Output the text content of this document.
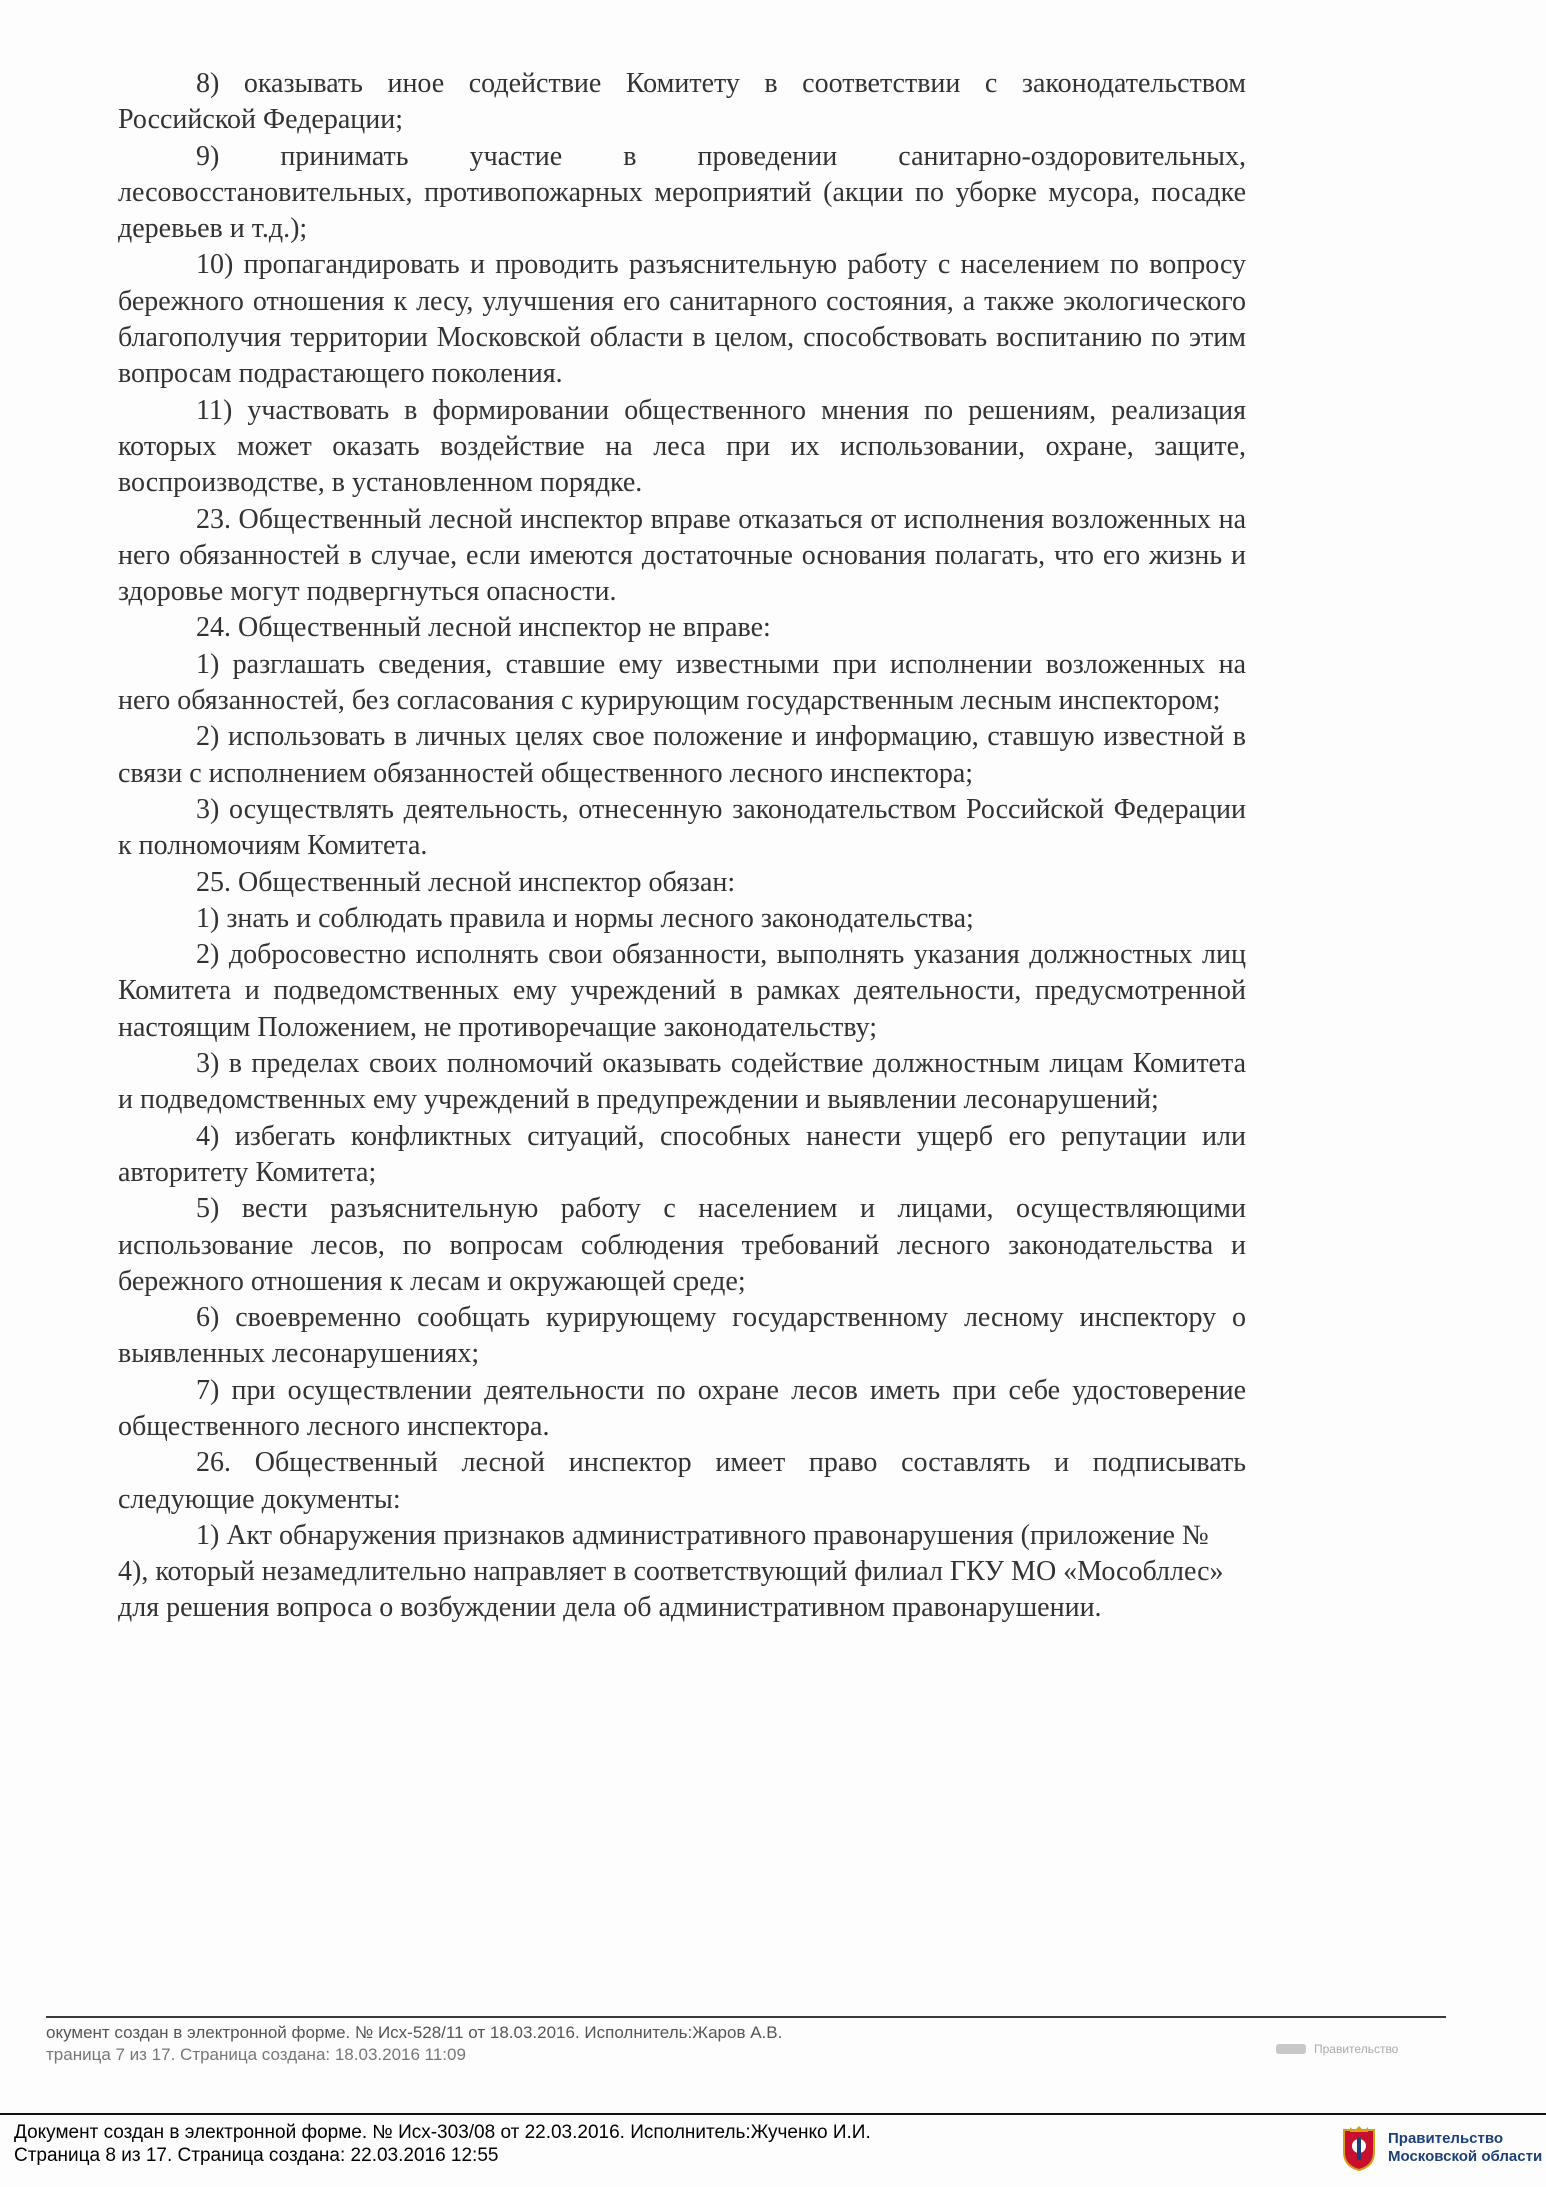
8) оказывать иное содействие Комитету в соответствии с законодательством Российской Федерации;

9) принимать участие в проведении санитарно-оздоровительных, лесовосстановительных, противопожарных мероприятий (акции по уборке мусора, посадке деревьев и т.д.);

10) пропагандировать и проводить разъяснительную работу с населением по вопросу бережного отношения к лесу, улучшения его санитарного состояния, а также экологического благополучия территории Московской области в целом, способствовать воспитанию по этим вопросам подрастающего поколения.

11) участвовать в формировании общественного мнения по решениям, реализация которых может оказать воздействие на леса при их использовании, охране, защите, воспроизводстве, в установленном порядке.

23. Общественный лесной инспектор вправе отказаться от исполнения возложенных на него обязанностей в случае, если имеются достаточные основания полагать, что его жизнь и здоровье могут подвергнуться опасности.

24. Общественный лесной инспектор не вправе:

1) разглашать сведения, ставшие ему известными при исполнении возложенных на него обязанностей, без согласования с курирующим государственным лесным инспектором;

2) использовать в личных целях свое положение и информацию, ставшую известной в связи с исполнением обязанностей общественного лесного инспектора;

3) осуществлять деятельность, отнесенную законодательством Российской Федерации к полномочиям Комитета.

25. Общественный лесной инспектор обязан:

1) знать и соблюдать правила и нормы лесного законодательства;

2) добросовестно исполнять свои обязанности, выполнять указания должностных лиц Комитета и подведомственных ему учреждений в рамках деятельности, предусмотренной настоящим Положением, не противоречащие законодательству;

3) в пределах своих полномочий оказывать содействие должностным лицам Комитета и подведомственных ему учреждений в предупреждении и выявлении лесонарушений;

4) избегать конфликтных ситуаций, способных нанести ущерб его репутации или авторитету Комитета;

5) вести разъяснительную работу с населением и лицами, осуществляющими использование лесов, по вопросам соблюдения требований лесного законодательства и бережного отношения к лесам и окружающей среде;

6) своевременно сообщать курирующему государственному лесному инспектору о выявленных лесонарушениях;

7) при осуществлении деятельности по охране лесов иметь при себе удостоверение общественного лесного инспектора.

26. Общественный лесной инспектор имеет право составлять и подписывать следующие документы:

1) Акт обнаружения признаков административного правонарушения (приложение № 4), который незамедлительно направляет в соответствующий филиал ГКУ МО «Мособллес» для решения вопроса о возбуждении дела об административном правонарушении.

окумент создан в электронной форме. № Исх-528/11 от 18.03.2016. Исполнитель:Жаров А.В.
траница 7 из 17. Страница создана: 18.03.2016 11:09	Правительство
Документ создан в электронной форме. № Исх-303/08 от 22.03.2016. Исполнитель:Жученко И.И.
Страница 8 из 17. Страница создана: 22.03.2016 12:55
Правительство
Московской области
